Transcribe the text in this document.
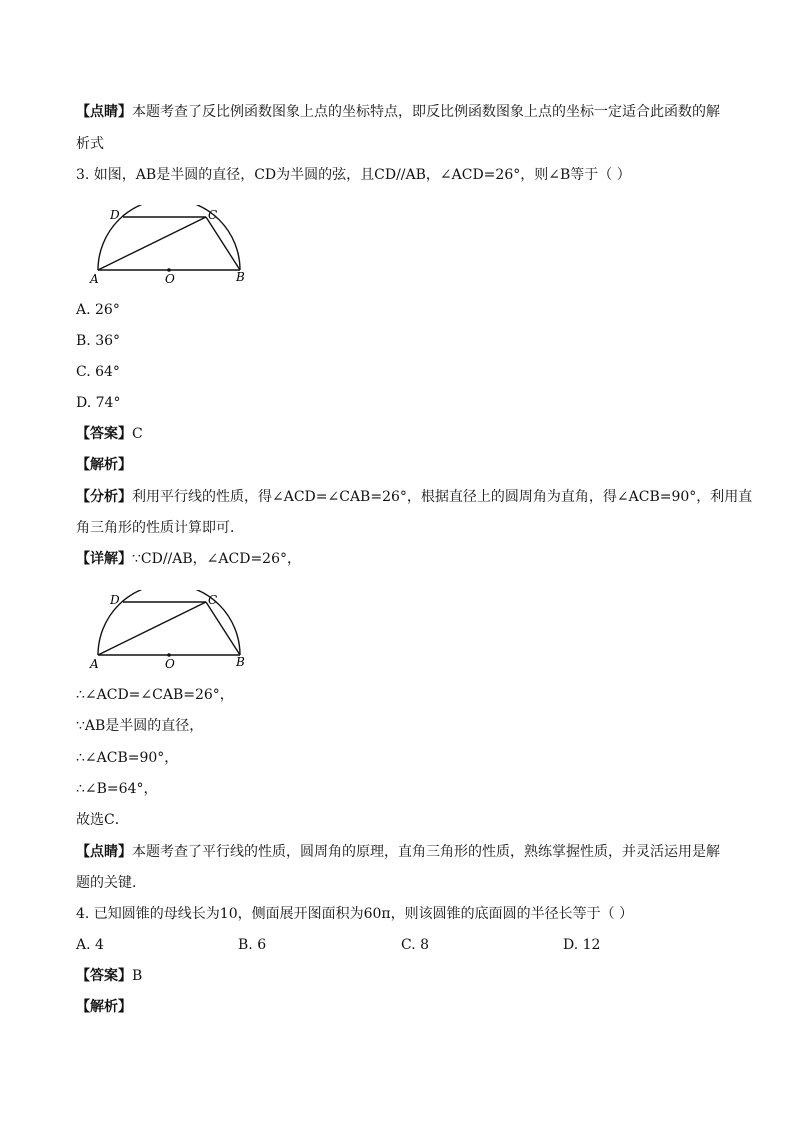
【点睛】本题考查了反比例函数图象上点的坐标特点，即反比例函数图象上点的坐标一定适合此函数的解
析式
3. 如图，AB是半圆的直径，CD为半圆的弦，且CD//AB，∠ACD=26°，则∠B等于（ ）
D	C
A	O	B
A. 26°
B. 36°
C. 64°
D. 74°
【答案】C
【解析】
【分析】利用平行线的性质，得∠ACD=∠CAB=26°，根据直径上的圆周角为直角，得∠ACB=90°，利用直
角三角形的性质计算即可．
【详解】∵CD//AB，∠ACD=26°，
D	C
A	O	B
∴∠ACD=∠CAB=26°，
∵AB是半圆的直径，
∴∠ACB=90°，
∴∠B=64°，
故选C．
【点睛】本题考查了平行线的性质，圆周角的原理，直角三角形的性质，熟练掌握性质，并灵活运用是解
题的关键．
4. 已知圆锥的母线长为10，侧面展开图面积为60π，则该圆锥的底面圆的半径长等于（ ）
A. 4	B. 6	C. 8	D. 12
【答案】B
【解析】
